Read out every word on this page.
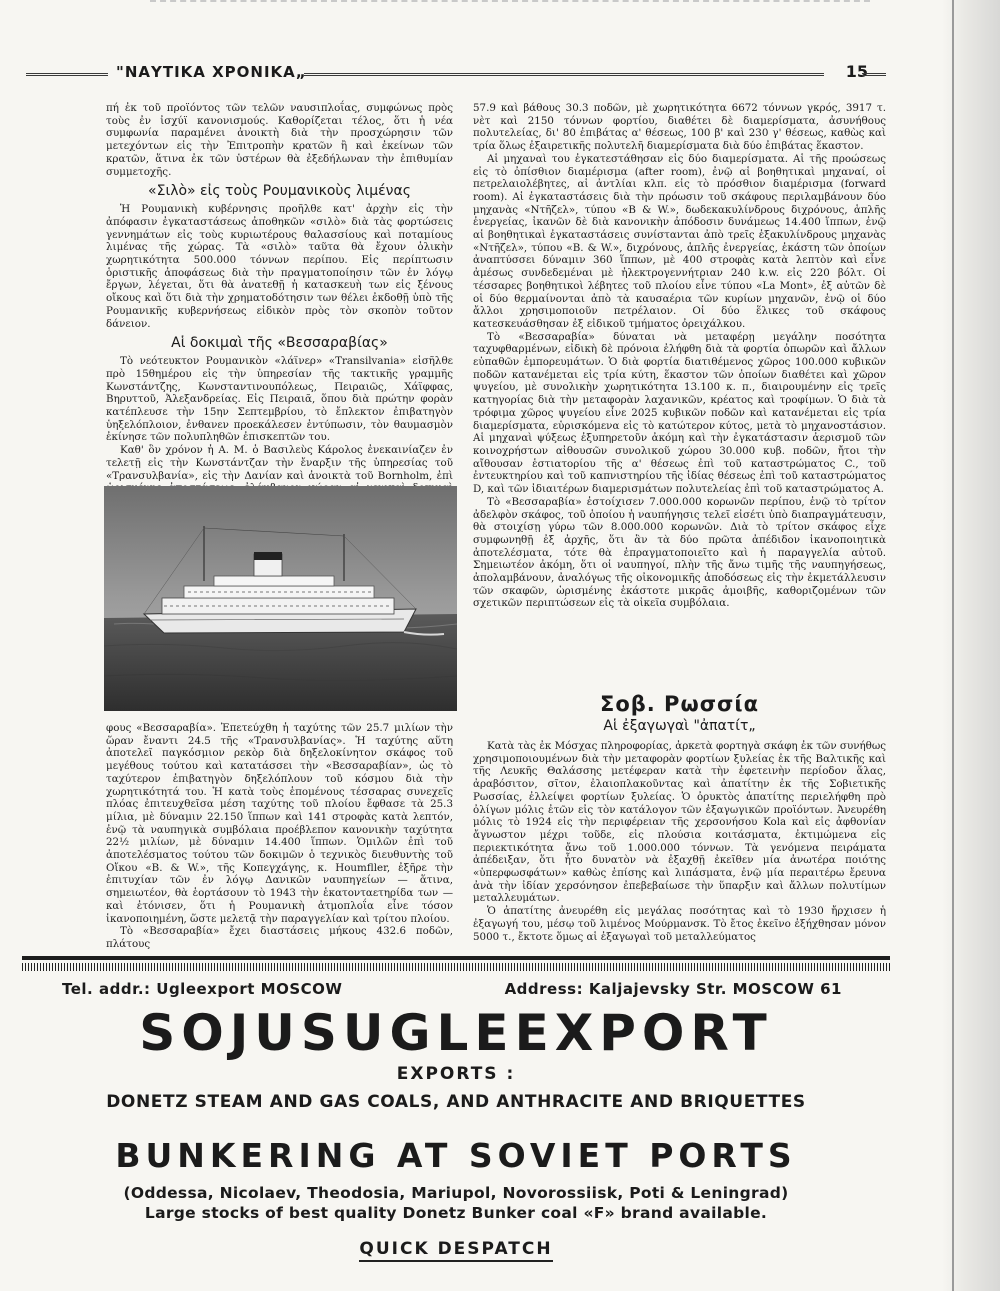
"ΝΑΥΤΙΚΑ ΧΡΟΝΙΚΑ„	15

πή ἐκ τοῦ προϊόντος τῶν τελῶν ναυσιπλοΐας, συμφώνως πρὸς τοὺς ἐν ἰσχύϊ κανονισμούς. Καθορίζεται τέλος, ὅτι ἡ νέα συμφωνία παραμένει ἀνοικτὴ διὰ τὴν προσχώρησιν τῶν μετεχόντων εἰς τὴν Ἐπιτροπὴν κρατῶν ἢ καὶ ἐκείνων τῶν κρατῶν, ἅτινα ἐκ τῶν ὑστέρων θὰ ἐξεδήλωναν τὴν ἐπιθυμίαν συμμετοχῆς.

«Σιλὸ» εἰς τοὺς Ρουμανικοὺς λιμένας

Ἡ Ρουμανικὴ κυβέρνησις προῆλθε κατ' ἀρχὴν εἰς τὴν ἀπόφασιν ἐγκαταστάσεως ἀποθηκῶν «σιλὸ» διὰ τὰς φορτώσεις γεννημάτων εἰς τοὺς κυριωτέρους θαλασσίους καὶ ποταμίους λιμένας τῆς χώρας. Τὰ «σιλὸ» ταῦτα θὰ ἔχουν ὁλικὴν χωρητικότητα 500.000 τόννων περίπου. Εἰς περίπτωσιν ὁριστικῆς ἀποφάσεως διὰ τὴν πραγματοποίησιν τῶν ἐν λόγῳ ἔργων, λέγεται, ὅτι θὰ ἀνατεθῇ ἡ κατασκευὴ των εἰς ξένους οἴκους καὶ ὅτι διὰ τὴν χρηματοδότησιν των θέλει ἐκδοθῇ ὑπὸ τῆς Ρουμανικῆς κυβερνήσεως εἰδικὸν πρὸς τὸν σκοπὸν τοῦτον δάνειον.

Αἱ δοκιμαὶ τῆς «Βεσσαραβίας»

Τὸ νεότευκτον Ρουμανικὸν «λάϊνερ» «Transilvania» εἰσῆλθε πρὸ 15θημέρου εἰς τὴν ὑπηρεσίαν τῆς τακτικῆς γραμμῆς Κωνστάντζης, Κωνσταντινουπόλεως, Πειραιῶς, Χάϊφφας, Βηρυττοῦ, Ἀλεξανδρείας. Εἰς Πειραιᾶ, ὅπου διὰ πρώτην φορὰν κατέπλευσε τὴν 15ην Σεπτεμβρίου, τὸ ἔπλεκτον ἐπιβατηγὸν ὑηξελόπλοιον, ἐνθανεν προεκάλεσεν ἐντύπωσιν, τὸν θαυμασμὸν ἐκίνησε τῶν πολυπληθῶν ἐπισκεπτῶν του.

Καθ' ὃν χρόνον ἡ Α. Μ. ὁ Βασιλεὺς Κάρολος ἐνεκαινίαζεν ἐν τελετῇ εἰς τὴν Κωνστάντζαν τὴν ἔναρξιν τῆς ὑπηρεσίας τοῦ «Τρανσυλβανία», εἰς τὴν Δανίαν καὶ ἀνοικτὰ τοῦ Bornholm, ἐπὶ

φους «Βεσσαραβία». Ἐπετεύχθη ἡ ταχύτης τῶν 25.7 μιλίων τὴν ὥραν ἔναντι 24.5 τῆς «Τρανσυλβανίας». Ἡ ταχύτης αὕτη ἀποτελεῖ παγκόσμιον ρεκὸρ διὰ δηξελοκίνητον σκάφος τοῦ μεγέθους τούτου καὶ κατατάσσει τὴν «Βεσσαραβίαν», ὡς τὸ ταχύτερον ἐπιβατηγὸν δηξελόπλουν τοῦ κόσμου διὰ τὴν χωρητικότητά του. Ἡ κατὰ τοὺς ἑπομένους τέσσαρας συνεχεῖς πλόας ἐπιτευχθεῖσα μέση ταχύτης τοῦ πλοίου ἔφθασε τὰ 25.3 μίλια, μὲ δύναμιν 22.150 ἵππων καὶ 141 στροφὰς κατὰ λεπτόν, ἐνῷ τὰ ναυπηγικὰ συμβόλαια προέβλεπον κανονικὴν ταχύτητα 22½ μιλίων, μὲ δύναμιν 14.400 ἵππων. Ὁμιλῶν ἐπὶ τοῦ ἀποτελέσματος τούτου τῶν δοκιμῶν ὁ τεχνικὸς διευθυντὴς τοῦ Οἴκου «Β. & W.», τῆς Κοπεγχάγης, κ. Houmfller, ἐξῆρε τὴν ἐπιτυχίαν τῶν ἐν λόγῳ Δανικῶν ναυπηγείων — ἅτινα, σημειωτέον, θὰ ἑορτάσουν τὸ 1943 τὴν ἑκατονταετηρίδα των — καὶ ἐτόνισεν, ὅτι ἡ Ρουμανικὴ ἀτμοπλοΐα εἶνε τόσον ἱκανοποιημένη, ὥστε μελετᾷ τὴν παραγγελίαν καὶ τρίτου πλοίου.

Τὸ «Βεσσαραβία» ἔχει διαστάσεις μήκους 432.6 ποδῶν, πλάτους

57.9 καὶ βάθους 30.3 ποδῶν, μὲ χωρητικότητα 6672 τόννων γκρός, 3917 τ. νὲτ καὶ 2150 τόννων φορτίου, διαθέτει δὲ διαμερίσματα, ἀσυνήθους πολυτελείας, δι' 80 ἐπιβάτας α' θέσεως, 100 β' καὶ 230 γ' θέσεως, καθὼς καὶ τρία ὅλως ἐξαιρετικῆς πολυτελῆ διαμερίσματα διὰ δύο ἐπιβάτας ἕκαστον.

Αἱ μηχαναὶ του ἐγκατεστάθησαν εἰς δύο διαμερίσματα. Αἱ τῆς προώσεως εἰς τὸ ὀπίσθιον διαμέρισμα (after room), ἐνῷ αἱ βοηθητικαὶ μηχαναί, οἱ πετρελαιολέβητες, αἱ ἀντλίαι κλπ. εἰς τὸ πρόσθιον διαμέρισμα (forward room). Αἱ ἐγκαταστάσεις διὰ τὴν πρόωσιν τοῦ σκάφους περιλαμβάνουν δύο μηχανὰς «Ντῆζελ», τύπου «Β & W.», δωδεκακυλίνδρους διχρόνους, ἁπλῆς ἐνεργείας, ἱκανῶν δὲ διὰ κανονικὴν ἀπόδοσιν δυνάμεως 14.400 ἵππων, ἐνῷ αἱ βοηθητικαὶ ἐγκαταστάσεις συνίστανται ἀπὸ τρεῖς ἑξακυλίνδρους μηχανὰς «Ντῆζελ», τύπου «Β. & W.», διχρόνους, ἁπλῆς ἐνεργείας, ἑκάστη τῶν ὁποίων ἀναπτύσσει δύναμιν 360 ἵππων, μὲ 400 στροφὰς κατὰ λεπτὸν καὶ εἶνε ἀμέσως συνδεδεμέναι μὲ ἠλεκτρογεννήτριαν 240 k.w. εἰς 220 βόλτ. Οἱ τέσσαρες βοηθητικοὶ λέβητες τοῦ πλοίου εἶνε τύπου «La Mont», ἐξ αὐτῶν δὲ οἱ δύο θερμαίνονται ἀπὸ τὰ καυσαέρια τῶν κυρίων μηχανῶν, ἐνῷ οἱ δύο ἄλλοι χρησιμοποιοῦν πετρέλαιον. Οἱ δύο ἕλικες τοῦ σκάφους κατεσκευάσθησαν ἐξ εἰδικοῦ τμήματος ὀρειχάλκου.

Τὸ «Βεσσαραβία» δύναται νὰ μεταφέρῃ μεγάλην ποσότητα ταχυφθαρμένων, εἰδικὴ δὲ πρόνοια ἐλήφθη διὰ τὰ φορτία ὀπωρῶν καὶ ἄλλων εὐπαθῶν ἐμπορευμάτων. Ὁ διὰ φορτία διατιθέμενος χῶρος 100.000 κυβικῶν ποδῶν κατανέμεται εἰς τρία κύτη, ἕκαστον τῶν ὁποίων διαθέτει καὶ χῶρον ψυγείου, μὲ συνολικὴν χωρητικότητα 13.100 κ. π., διαιρουμένην εἰς τρεῖς κατηγορίας διὰ τὴν μεταφορὰν λαχανικῶν, κρέατος καὶ τροφίμων. Ὁ διὰ τὰ τρόφιμα χῶρος ψυγείου εἶνε 2025 κυβικῶν ποδῶν καὶ κατανέμεται εἰς τρία διαμερίσματα, εὑρισκόμενα εἰς τὸ κατώτερον κύτος, μετὰ τὸ μηχανοστάσιον. Αἱ μηχαναὶ ψύξεως ἐξυπηρετοῦν ἀκόμη καὶ τὴν ἐγκατάστασιν ἀερισμοῦ τῶν κοινοχρήστων αἰθουσῶν συνολικοῦ χώρου 30.000 κυβ. ποδῶν, ἤτοι τὴν αἴθουσαν ἑστιατορίου τῆς α' θέσεως ἐπὶ τοῦ καταστρώματος C., τοῦ ἐντευκτηρίου καὶ τοῦ καπνιστηρίου τῆς ἰδίας θέσεως ἐπὶ τοῦ καταστρώματος D, καὶ τῶν ἰδιαιτέρων διαμερισμάτων πολυτελείας ἐπὶ τοῦ καταστρώματος Α.

Τὸ «Βεσσαραβία» ἐστοίχισεν 7.000.000 κορωνῶν περίπου, ἐνῷ τὸ τρίτον ἀδελφὸν σκάφος, τοῦ ὁποίου ἡ ναυπήγησις τελεῖ εἰσέτι ὑπὸ διαπραγμάτευσιν, θὰ στοιχίσῃ γύρω τῶν 8.000.000 κορωνῶν. Διὰ τὸ τρίτον σκάφος εἶχε συμφωνηθῇ ἐξ ἀρχῆς, ὅτι ἂν τὰ δύο πρῶτα ἀπέδιδον ἱκανοποιητικὰ ἀποτελέσματα, τότε θὰ ἐπραγματοποιεῖτο καὶ ἡ παραγγελία αὐτοῦ. Σημειωτέον ἀκόμη, ὅτι οἱ ναυπηγοί, πλὴν τῆς ἄνω τιμῆς τῆς ναυπηγήσεως, ἀπολαμβάνουν, ἀναλόγως τῆς οἰκονομικῆς ἀποδόσεως εἰς τὴν ἐκμετάλλευσιν τῶν σκαφῶν, ὡρισμένης ἑκάστοτε μικρᾶς ἀμοιβῆς, καθοριζομένων τῶν σχετικῶν περιπτώσεων εἰς τὰ οἰκεῖα συμβόλαια.

Σοβ. Ρωσσία
Αἱ ἐξαγωγαὶ "ἀπατίτ„

Κατὰ τὰς ἐκ Μόσχας πληροφορίας, ἀρκετὰ φορτηγὰ σκάφη ἐκ τῶν συνήθως χρησιμοποιουμένων διὰ τὴν μεταφορὰν φορτίων ξυλείας ἐκ τῆς Βαλτικῆς καὶ τῆς Λευκῆς Θαλάσσης μετέφεραν κατὰ τὴν ἐφετεινὴν περίοδον ἅλας, ἀραβόσιτον, σῖτον, ἐλαιοπλακοῦντας καὶ ἀπατίτην ἐκ τῆς Σοβιετικῆς Ρωσσίας, ἐλλείψει φορτίων ξυλείας. Ὁ ὀρυκτὸς ἀπατίτης περιελήφθη πρὸ ὀλίγων μόλις ἐτῶν εἰς τὸν κατάλογον τῶν ἐξαγωγικῶν προϊόντων. Ἀνευρέθη μόλις τὸ 1924 εἰς τὴν περιφέρειαν τῆς χερσονήσου Kola καὶ εἰς ἀφθονίαν ἄγνωστον μέχρι τοῦδε, εἰς πλούσια κοιτάσματα, ἐκτιμώμενα εἰς περιεκτικότητα ἄνω τοῦ 1.000.000 τόννων. Τὰ γενόμενα πειράματα ἀπέδειξαν, ὅτι ἦτο δυνατὸν νὰ ἐξαχθῇ ἐκεῖθεν μία ἀνωτέρα ποιότης «ὑπερφωσφάτων» καθὼς ἐπίσης καὶ λιπάσματα, ἐνῷ μία περαιτέρω ἔρευνα ἀνὰ τὴν ἰδίαν χερσόνησον ἐπεβεβαίωσε τὴν ὕπαρξιν καὶ ἄλλων πολυτίμων μεταλλευμάτων.

Ὁ ἀπατίτης ἀνευρέθη εἰς μεγάλας ποσότητας καὶ τὸ 1930 ἤρχισεν ἡ ἐξαγωγή του, μέσῳ τοῦ λιμένος Μούρμανσκ. Τὸ ἔτος ἐκεῖνο ἐξήχθησαν μόνον 5000 τ., ἔκτοτε ὅμως αἱ ἐξαγωγαὶ τοῦ μεταλλεύματος

Tel. addr.: Ugleexport MOSCOW	Address: Kaljajevsky Str. MOSCOW 61
SOJUSUGLEEXPORT
EXPORTS :
DONETZ STEAM AND GAS COALS, AND ANTHRACITE AND BRIQUETTES
BUNKERING AT SOVIET PORTS
(Oddessa, Nicolaev, Theodosia, Mariupol, Novorossiisk, Poti & Leningrad)
Large stocks of best quality Donetz Bunker coal «F» brand available.
QUICK DESPATCH
